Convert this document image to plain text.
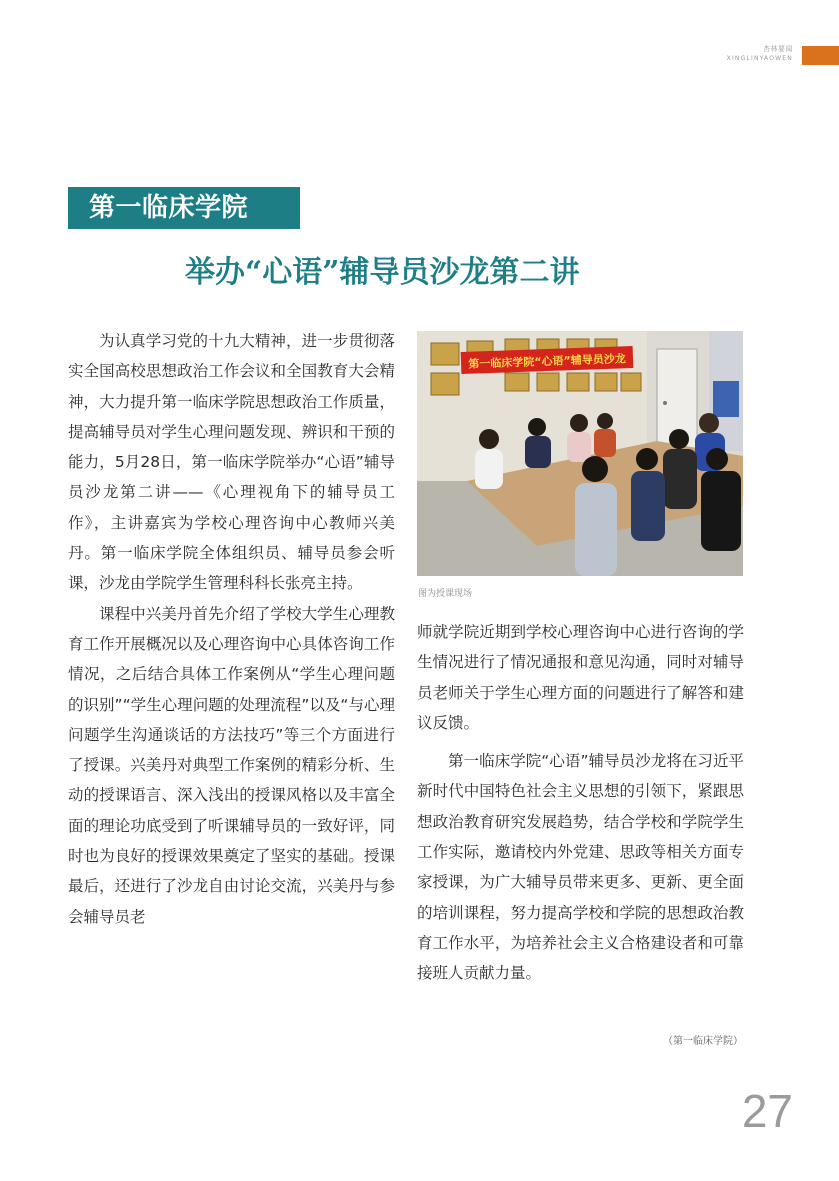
杏林要闻
XINGLINYAOWEN
第一临床学院
举办“心语”辅导员沙龙第二讲

为认真学习党的十九大精神，进一步贯彻落实全国高校思想政治工作会议和全国教育大会精神，大力提升第一临床学院思想政治工作质量，提高辅导员对学生心理问题发现、辨识和干预的能力，5月28日，第一临床学院举办“心语”辅导员沙龙第二讲——《心理视角下的辅导员工作》，主讲嘉宾为学校心理咨询中心教师兴美丹。第一临床学院全体组织员、辅导员参会听课，沙龙由学院学生管理科科长张亮主持。

课程中兴美丹首先介绍了学校大学生心理教育工作开展概况以及心理咨询中心具体咨询工作情况，之后结合具体工作案例从“学生心理问题的识别”“学生心理问题的处理流程”以及“与心理问题学生沟通谈话的方法技巧”等三个方面进行了授课。兴美丹对典型工作案例的精彩分析、生动的授课语言、深入浅出的授课风格以及丰富全面的理论功底受到了听课辅导员的一致好评，同时也为良好的授课效果奠定了坚实的基础。授课最后，还进行了沙龙自由讨论交流，兴美丹与参会辅导员老

第一临床学院“心语”辅导员沙龙
图为授课现场

师就学院近期到学校心理咨询中心进行咨询的学生情况进行了情况通报和意见沟通，同时对辅导员老师关于学生心理方面的问题进行了解答和建议反馈。

第一临床学院“心语”辅导员沙龙将在习近平新时代中国特色社会主义思想的引领下，紧跟思想政治教育研究发展趋势，结合学校和学院学生工作实际，邀请校内外党建、思政等相关方面专家授课，为广大辅导员带来更多、更新、更全面的培训课程，努力提高学校和学院的思想政治教育工作水平，为培养社会主义合格建设者和可靠接班人贡献力量。

（第一临床学院）
27
